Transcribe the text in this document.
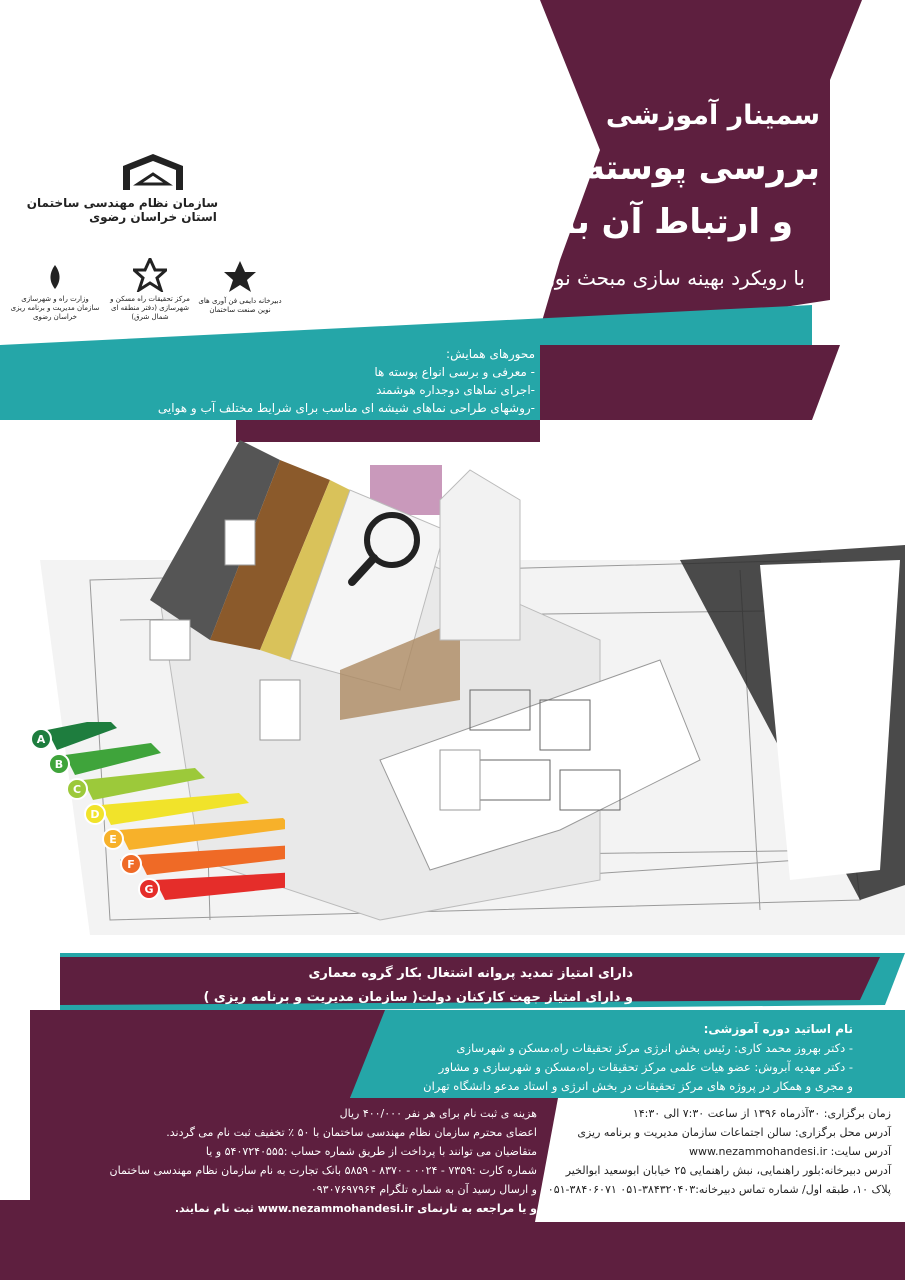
A
B
C
D
E
F
G
سمینار آموزشی
بررسی پوسته های ساختمانی
و ارتباط آن با مصرف انرژی
با رویکرد بهینه سازی مبحث نوزدهم مقررات ملی
سازمان نظام مهندسی ساختمان
استان خراسان رضوی
وزارت راه و شهرسازی سازمان مدیریت و برنامه ریزی خراسان رضوی
مرکز تحقیقات راه مسکن و شهرسازی (دفتر منطقه ای شمال شرق)
دبیرخانه دایمی فن آوری های نوین صنعت ساختمان
محورهای همایش:
- معرفی و برسی انواع پوسته ها
-اجرای نماهای دوجداره هوشمند
-روشهای طراحی نماهای شیشه ای مناسب برای شرایط مختلف آب و هوایی
دارای امتیاز تمدید پروانه اشتغال بکار گروه معماری
و دارای امتیاز جهت کارکنان دولت( سازمان مدیریت و برنامه ریزی )
نام اساتید دوره آموزشی:
- دکتر بهروز محمد کاری: رئیس بخش انرژی مرکز تحقیقات راه،مسکن و شهرسازی
- دکتر مهدیه آبروش: عضو هیات علمی مرکز تحقیقات راه،مسکن و شهرسازی و مشاور
و مجری و همکار در پروژه های مرکز تحقیقات در بخش انرژی و استاد مدعو دانشگاه تهران
هزینه ی ثبت نام برای هر نفر ۴۰۰/۰۰۰ ریال
اعضای محترم سازمان نظام مهندسی ساختمان با ۵۰ ٪ تخفیف ثبت نام می گردند.
متقاضیان می توانند با پرداخت از طریق شماره حساب :۵۴۰۷۲۴۰۵۵۵ و یا
شماره کارت :۷۳۵۹ - ۰۰۲۴ - ۸۳۷۰ - ۵۸۵۹ بانک تجارت به نام سازمان نظام مهندسی ساختمان
و ارسال رسید آن به شماره تلگرام ۰۹۳۰۷۶۹۷۹۶۴
و یا مراجعه به تارنمای www.nezammohandesi.ir ثبت نام نمایند.
زمان برگزاری: ۳۰آذرماه ۱۳۹۶ از ساعت ۷:۳۰ الی ۱۴:۳۰
آدرس محل برگزاری: سالن اجتماعات سازمان مدیریت و برنامه ریزی
آدرس سایت: www.nezammohandesi.ir
آدرس دبیرخانه:بلور راهنمایی، نبش راهنمایی ۲۵ خیابان ابوسعید ابوالخیر
پلاک ۱۰، طبقه اول/ شماره تماس دبیرخانه:۳۸۴۳۲۰۴۰۳-۰۵۱ ۳۸۴۰۶۰۷۱-۰۵۱
